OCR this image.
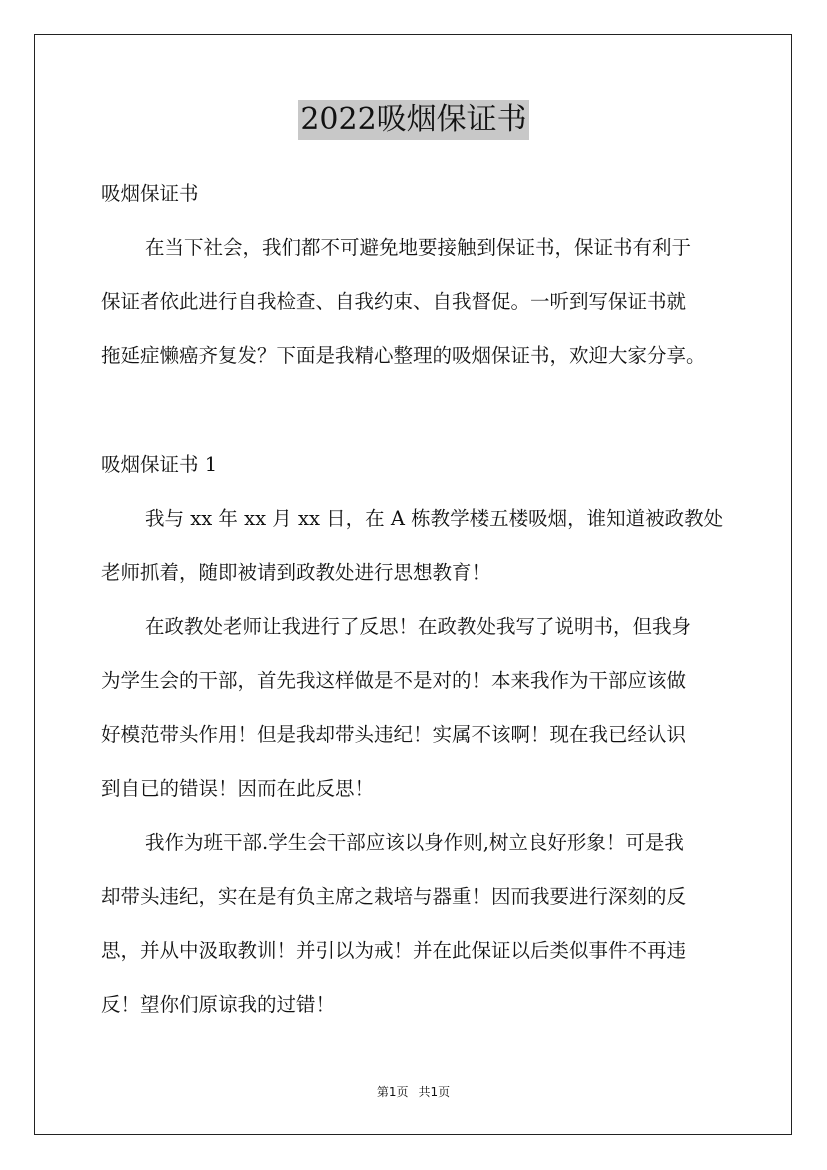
2022吸烟保证书
吸烟保证书
在当下社会，我们都不可避免地要接触到保证书，保证书有利于
保证者依此进行自我检查、自我约束、自我督促。一听到写保证书就
拖延症懒癌齐复发？下面是我精心整理的吸烟保证书，欢迎大家分享。
吸烟保证书 1
我与 xx 年 xx 月 xx 日，在 A 栋教学楼五楼吸烟，谁知道被政教处
老师抓着，随即被请到政教处进行思想教育！
在政教处老师让我进行了反思！在政教处我写了说明书，但我身
为学生会的干部，首先我这样做是不是对的！本来我作为干部应该做
好模范带头作用！但是我却带头违纪！实属不该啊！现在我已经认识
到自已的错误！因而在此反思！
我作为班干部.学生会干部应该以身作则,树立良好形象！可是我
却带头违纪，实在是有负主席之栽培与器重！因而我要进行深刻的反
思，并从中汲取教训！并引以为戒！并在此保证以后类似事件不再违
反！望你们原谅我的过错！
第1页 共1页
